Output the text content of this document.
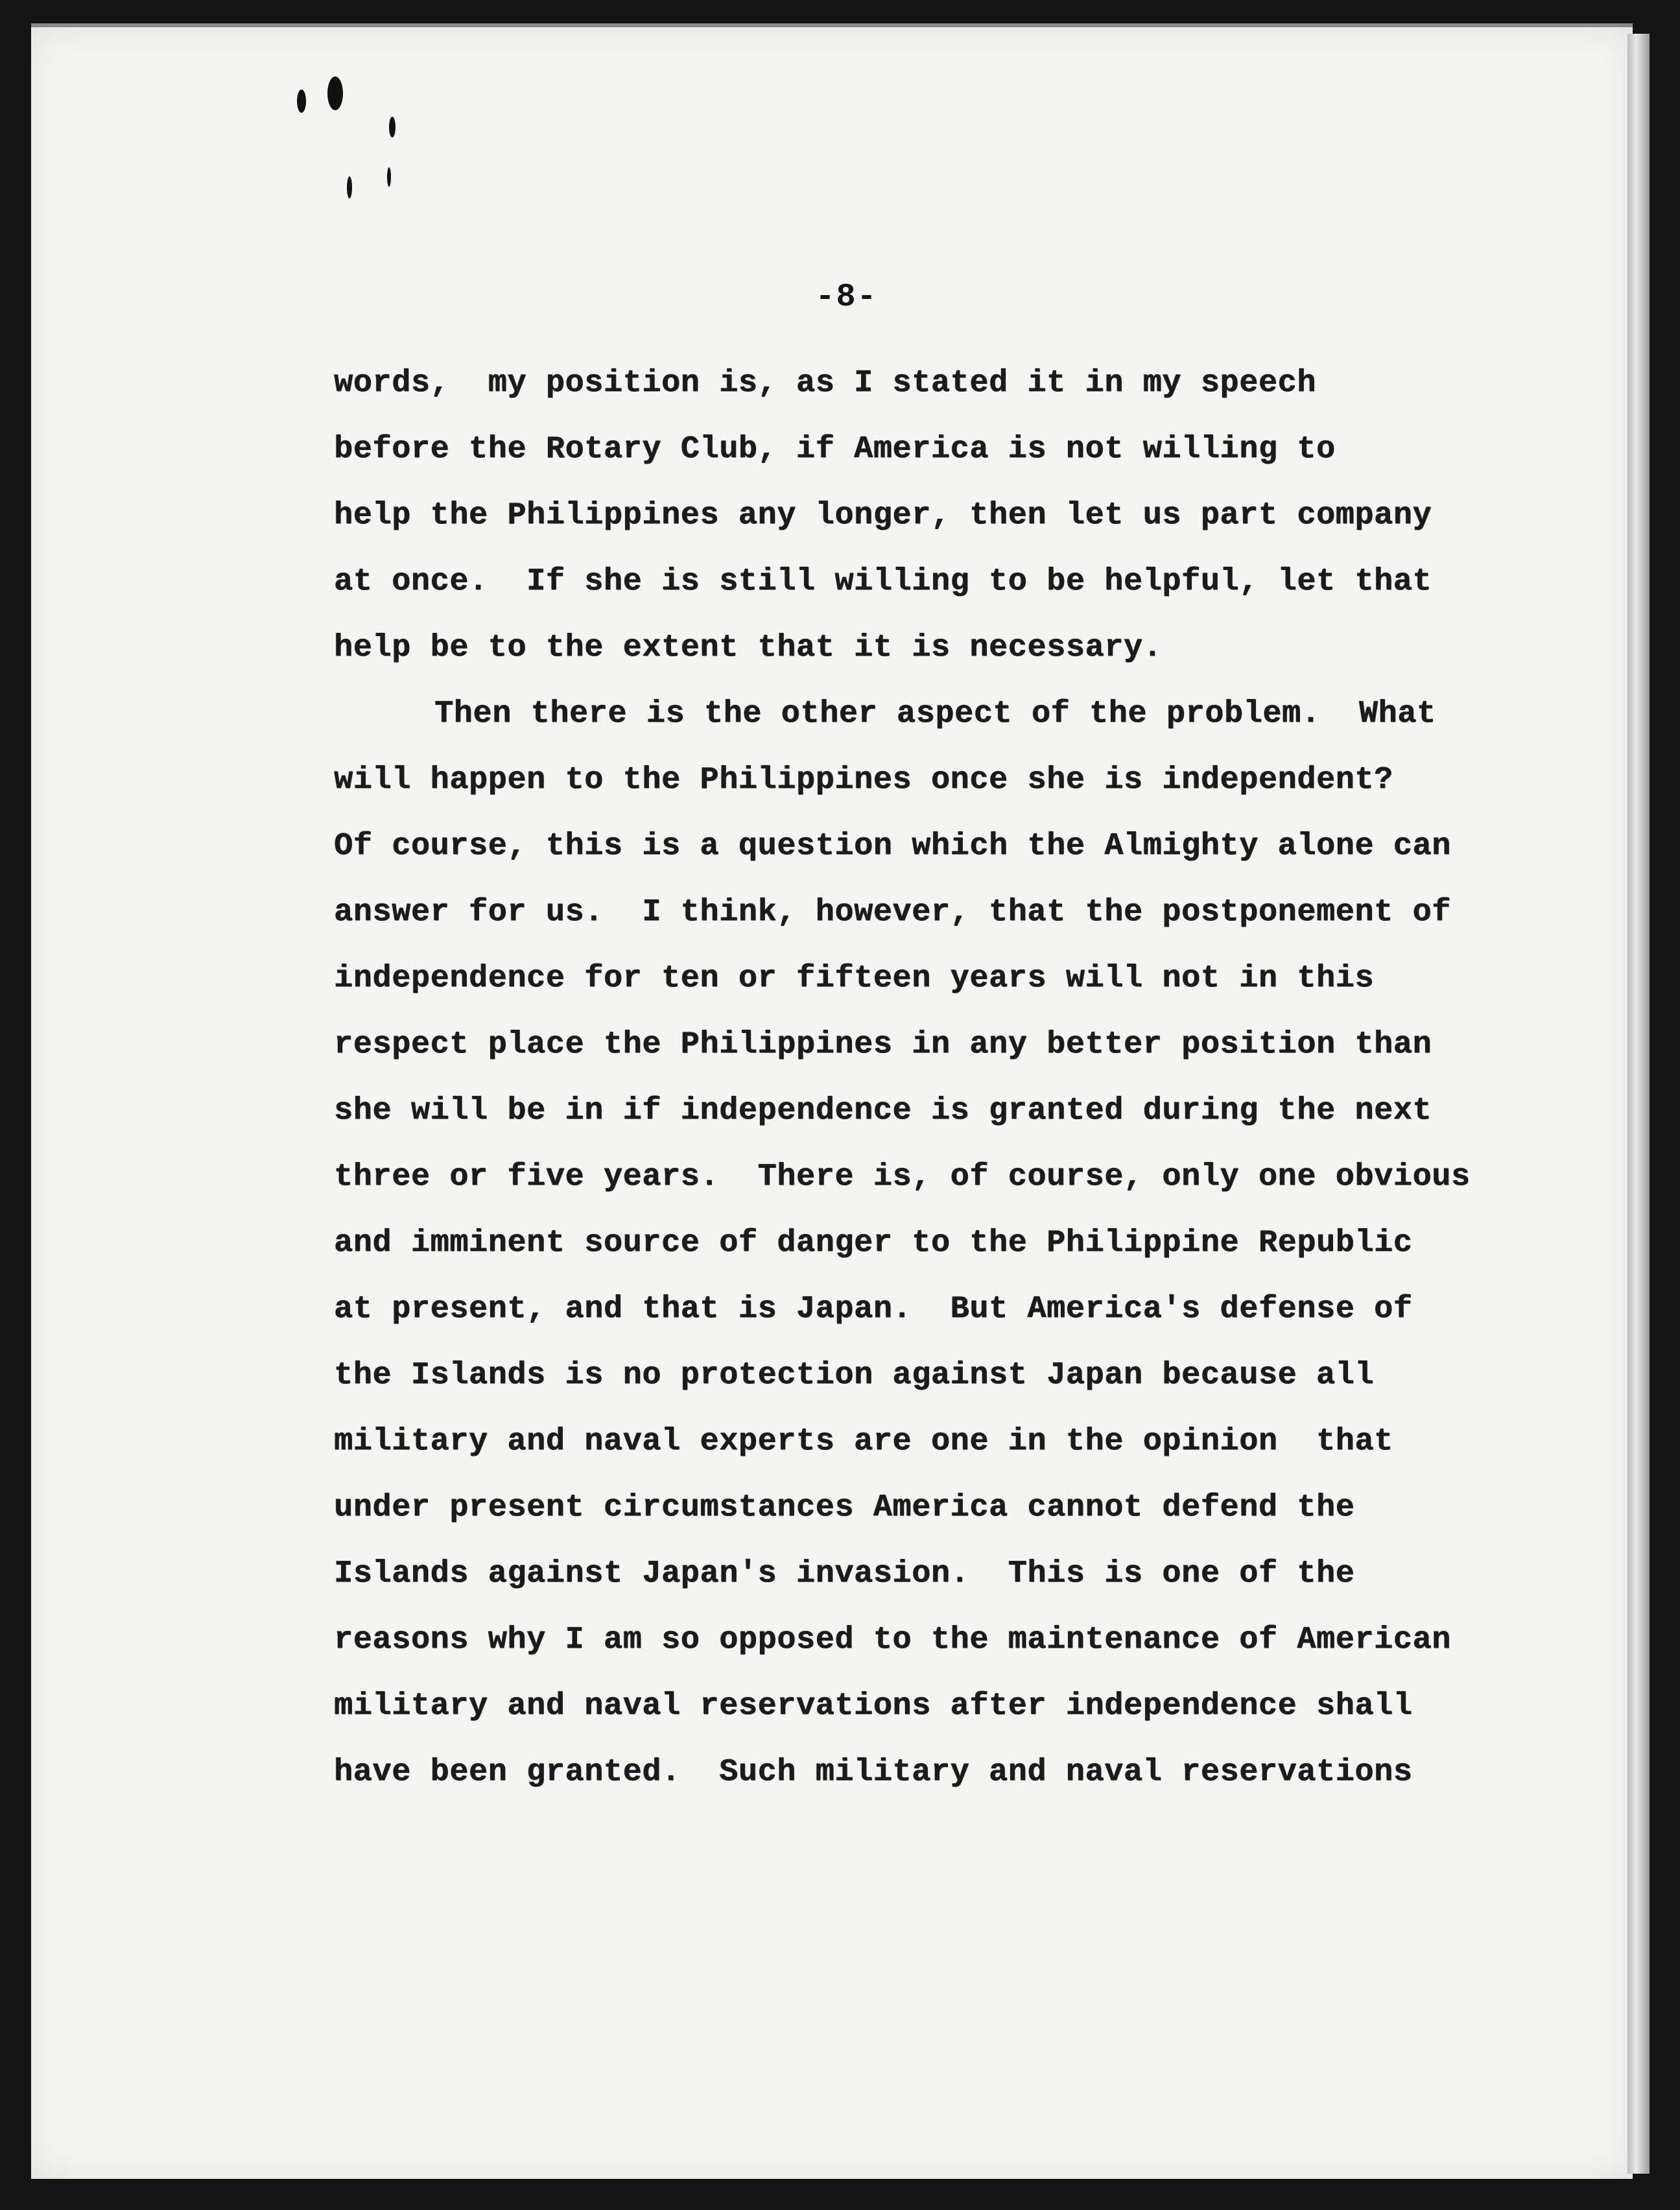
-8-
words,  my position is, as I stated it in my speech
before the Rotary Club, if America is not willing to
help the Philippines any longer, then let us part company
at once.  If she is still willing to be helpful, let that
help be to the extent that it is necessary.
Then there is the other aspect of the problem.  What
will happen to the Philippines once she is independent?
Of course, this is a question which the Almighty alone can
answer for us.  I think, however, that the postponement of
independence for ten or fifteen years will not in this
respect place the Philippines in any better position than
she will be in if independence is granted during the next
three or five years.  There is, of course, only one obvious
and imminent source of danger to the Philippine Republic
at present, and that is Japan.  But America's defense of
the Islands is no protection against Japan because all
military and naval experts are one in the opinion  that
under present circumstances America cannot defend the
Islands against Japan's invasion.  This is one of the
reasons why I am so opposed to the maintenance of American
military and naval reservations after independence shall
have been granted.  Such military and naval reservations
